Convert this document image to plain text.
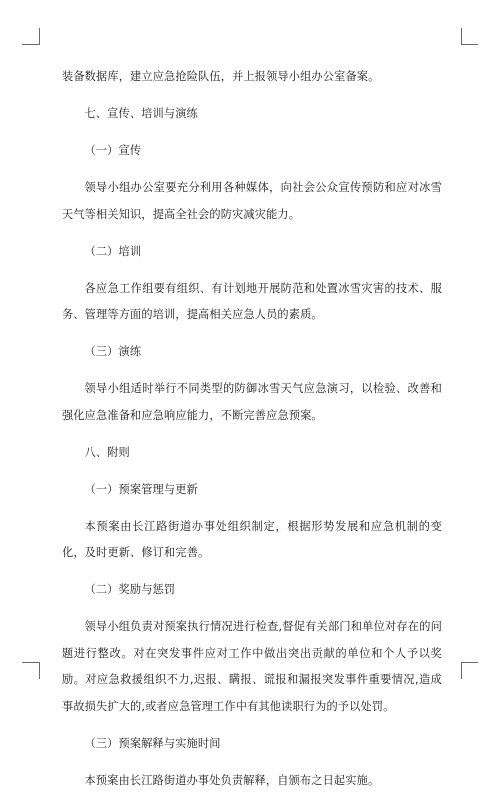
装备数据库，建立应急抢险队伍，并上报领导小组办公室备案。

七、宣传、培训与演练

（一）宣传

领导小组办公室要充分利用各种媒体，向社会公众宣传预防和应对冰雪天气等相关知识，提高全社会的防灾减灾能力。

（二）培训

各应急工作组要有组织、有计划地开展防范和处置冰雪灾害的技术、服务、管理等方面的培训，提高相关应急人员的素质。

（三）演练

领导小组适时举行不同类型的防御冰雪天气应急演习，以检验、改善和强化应急准备和应急响应能力，不断完善应急预案。

八、附则

（一）预案管理与更新

本预案由长江路街道办事处组织制定，根据形势发展和应急机制的变化，及时更新、修订和完善。

（二）奖励与惩罚

领导小组负责对预案执行情况进行检查,督促有关部门和单位对存在的问题进行整改。对在突发事件应对工作中做出突出贡献的单位和个人予以奖励。对应急救援组织不力,迟报、瞒报、谎报和漏报突发事件重要情况,造成事故损失扩大的,或者应急管理工作中有其他读职行为的予以处罚。

（三）预案解释与实施时间

本预案由长江路街道办事处负责解释，自颁布之日起实施。
